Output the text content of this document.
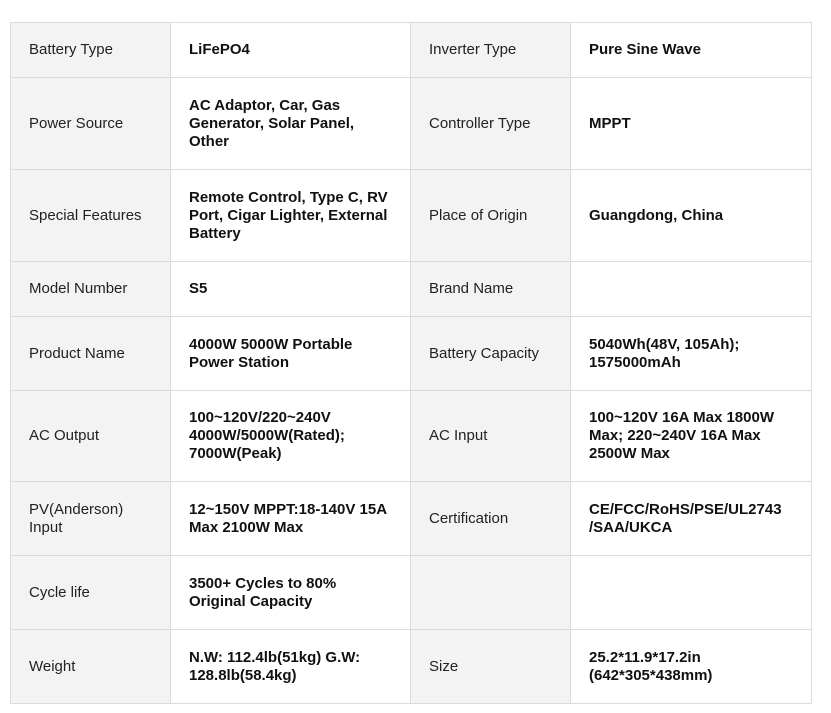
Battery Type	LiFePO4	Inverter Type	Pure Sine Wave
Power Source	AC Adaptor, Car, Gas Generator, Solar Panel, Other	Controller Type	MPPT
Special Features	Remote Control, Type C, RV Port, Cigar Lighter, External Battery	Place of Origin	Guangdong, China
Model Number	S5	Brand Name	
Product Name	4000W 5000W Portable Power Station	Battery Capacity	5040Wh(48V, 105Ah); 1575000mAh
AC Output	100~120V/220~240V 4000W/5000W(Rated); 7000W(Peak)	AC Input	100~120V 16A Max 1800W Max; 220~240V 16A Max 2500W Max
PV(Anderson) Input	12~150V MPPT:18-140V 15A Max 2100W Max	Certification	CE/FCC/RoHS/PSE/UL2743 /SAA/UKCA
Cycle life	3500+ Cycles to 80% Original Capacity		
Weight	N.W: 112.4lb(51kg) G.W: 128.8lb(58.4kg)	Size	25.2*11.9*17.2in (642*305*438mm)
